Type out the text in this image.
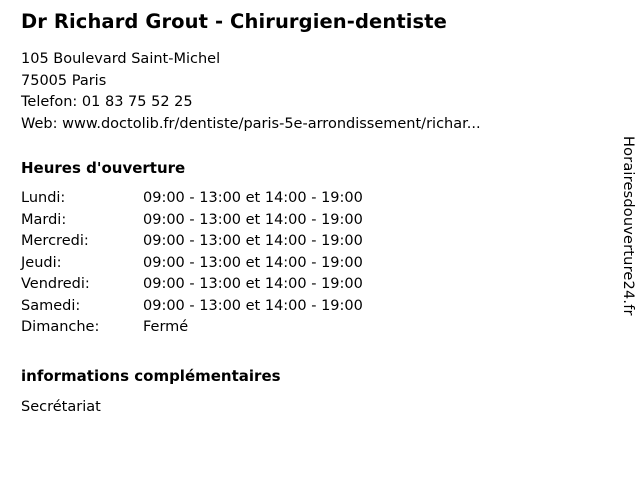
Dr Richard Grout - Chirurgien-dentiste
105 Boulevard Saint-Michel
75005 Paris
Telefon: 01 83 75 52 25
Web: www.doctolib.fr/dentiste/paris-5e-arrondissement/richar...
Heures d'ouverture
Lundi:	09:00 - 13:00 et 14:00 - 19:00
Mardi:	09:00 - 13:00 et 14:00 - 19:00
Mercredi:	09:00 - 13:00 et 14:00 - 19:00
Jeudi:	09:00 - 13:00 et 14:00 - 19:00
Vendredi:	09:00 - 13:00 et 14:00 - 19:00
Samedi:	09:00 - 13:00 et 14:00 - 19:00
Dimanche:	Fermé
informations complémentaires
Secrétariat
Horairesdouverture24.fr
